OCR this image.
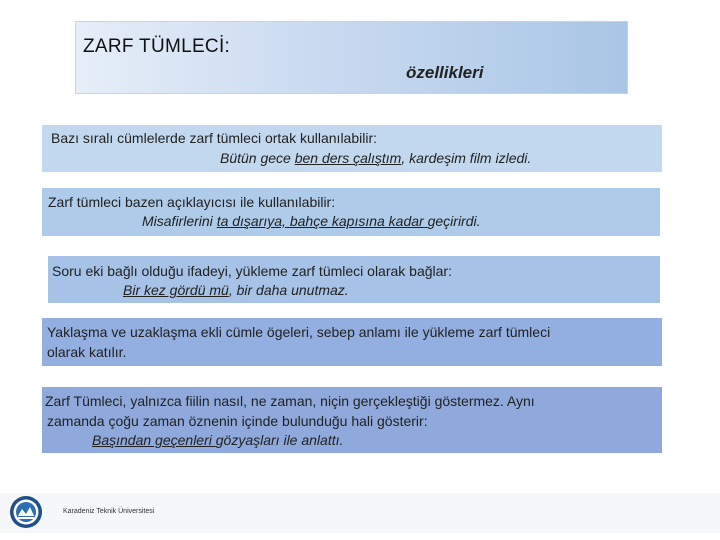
ZARF TÜMLECİ:
özellikleri
Bazı sıralı cümlelerde zarf tümleci ortak kullanılabilir:
Bütün gece ben ders çalıştım, kardeşim film izledi.
Zarf tümleci bazen açıklayıcısı ile kullanılabilir:
Misafirlerini ta dışarıya, bahçe kapısına kadar geçirirdi.
Soru eki bağlı olduğu ifadeyi, yükleme zarf tümleci olarak bağlar:
Bir kez gördü mü, bir daha unutmaz.
Yaklaşma ve uzaklaşma ekli cümle ögeleri, sebep anlamı ile yükleme zarf tümleci
olarak katılır.
Zarf Tümleci, yalnızca fiilin nasıl, ne zaman, niçin gerçekleştiği göstermez. Aynı
zamanda çoğu zaman öznenin içinde bulunduğu hali gösterir:
Başından geçenleri gözyaşları ile anlattı.
Karadeniz Teknik Üniversitesi
